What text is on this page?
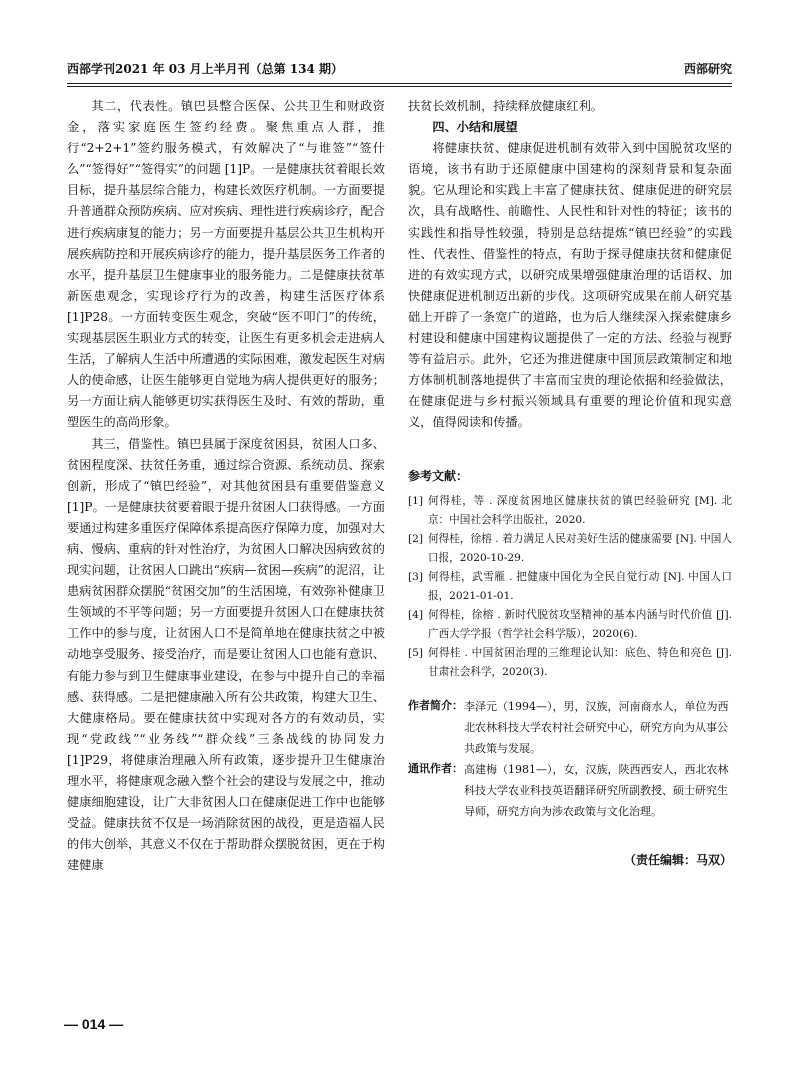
西部学刊2021 年 03 月上半月刊（总第 134 期）	西部研究

其二，代表性。镇巴县整合医保、公共卫生和财政资金，落实家庭医生签约经费。聚焦重点人群，推行“2+2+1”签约服务模式，有效解决了“与谁签”“签什么”“签得好”“签得实”的问题 [1]P。一是健康扶贫着眼长效目标，提升基层综合能力，构建长效医疗机制。一方面要提升普通群众预防疾病、应对疾病、理性进行疾病诊疗，配合进行疾病康复的能力；另一方面要提升基层公共卫生机构开展疾病防控和开展疾病诊疗的能力，提升基层医务工作者的水平，提升基层卫生健康事业的服务能力。二是健康扶贫革新医患观念，实现诊疗行为的改善，构建生活医疗体系 [1]P28。一方面转变医生观念，突破“医不叩门”的传统，实现基层医生职业方式的转变，让医生有更多机会走进病人生活，了解病人生活中所遭遇的实际困难，激发起医生对病人的使命感，让医生能够更自觉地为病人提供更好的服务；另一方面让病人能够更切实获得医生及时、有效的帮助，重塑医生的高尚形象。

其三，借鉴性。镇巴县属于深度贫困县，贫困人口多、贫困程度深、扶贫任务重，通过综合资源、系统动员、探索创新，形成了“镇巴经验”，对其他贫困县有重要借鉴意义 [1]P。一是健康扶贫要着眼于提升贫困人口获得感。一方面要通过构建多重医疗保障体系提高医疗保障力度，加强对大病、慢病、重病的针对性治疗，为贫困人口解决因病致贫的现实问题，让贫困人口跳出“疾病—贫困—疾病”的泥沼，让患病贫困群众摆脱“贫困交加”的生活困境，有效弥补健康卫生领域的不平等问题；另一方面要提升贫困人口在健康扶贫工作中的参与度，让贫困人口不是简单地在健康扶贫之中被动地享受服务、接受治疗，而是要让贫困人口也能有意识、有能力参与到卫生健康事业建设，在参与中提升自己的幸福感、获得感。二是把健康融入所有公共政策，构建大卫生、大健康格局。要在健康扶贫中实现对各方的有效动员，实现“党政线”“业务线”“群众线”三条战线的协同发力 [1]P29，将健康治理融入所有政策，逐步提升卫生健康治理水平，将健康观念融入整个社会的建设与发展之中，推动健康细胞建设，让广大非贫困人口在健康促进工作中也能够受益。健康扶贫不仅是一场消除贫困的战役，更是造福人民的伟大创举，其意义不仅在于帮助群众摆脱贫困，更在于构建健康

扶贫长效机制，持续释放健康红利。

四、小结和展望

将健康扶贫、健康促进机制有效带入到中国脱贫攻坚的语境，该书有助于还原健康中国建构的深刻背景和复杂面貌。它从理论和实践上丰富了健康扶贫、健康促进的研究层次，具有战略性、前瞻性、人民性和针对性的特征；该书的实践性和指导性较强，特别是总结提炼“镇巴经验”的实践性、代表性、借鉴性的特点，有助于探寻健康扶贫和健康促进的有效实现方式，以研究成果增强健康治理的话语权、加快健康促进机制迈出新的步伐。这项研究成果在前人研究基础上开辟了一条宽广的道路，也为后人继续深入探索健康乡村建设和健康中国建构议题提供了一定的方法、经验与视野等有益启示。此外，它还为推进健康中国顶层政策制定和地方体制机制落地提供了丰富而宝贵的理论依据和经验做法，在健康促进与乡村振兴领域具有重要的理论价值和现实意义，值得阅读和传播。

参考文献：
[1] 何得桂，等 . 深度贫困地区健康扶贫的镇巴经验研究 [M]. 北京：中国社会科学出版社，2020.
[2] 何得桂，徐榕 . 着力满足人民对美好生活的健康需要 [N]. 中国人口报，2020-10-29.
[3] 何得桂，武雪雁 . 把健康中国化为全民自觉行动 [N]. 中国人口报，2021-01-01.
[4] 何得桂，徐榕 . 新时代脱贫攻坚精神的基本内涵与时代价值 [J]. 广西大学学报（哲学社会科学版），2020(6).
[5] 何得桂 . 中国贫困治理的三维理论认知：底色、特色和亮色 [J]. 甘肃社会科学，2020(3).
作者简介： 李泽元（1994—），男，汉族，河南商水人，单位为西北农林科技大学农村社会研究中心，研究方向为从事公共政策与发展。
通讯作者： 高建梅（1981—），女，汉族，陕西西安人，西北农林科技大学农业科技英语翻译研究所副教授、硕士研究生导师，研究方向为涉农政策与文化治理。
（责任编辑：马双）
— 014 —
